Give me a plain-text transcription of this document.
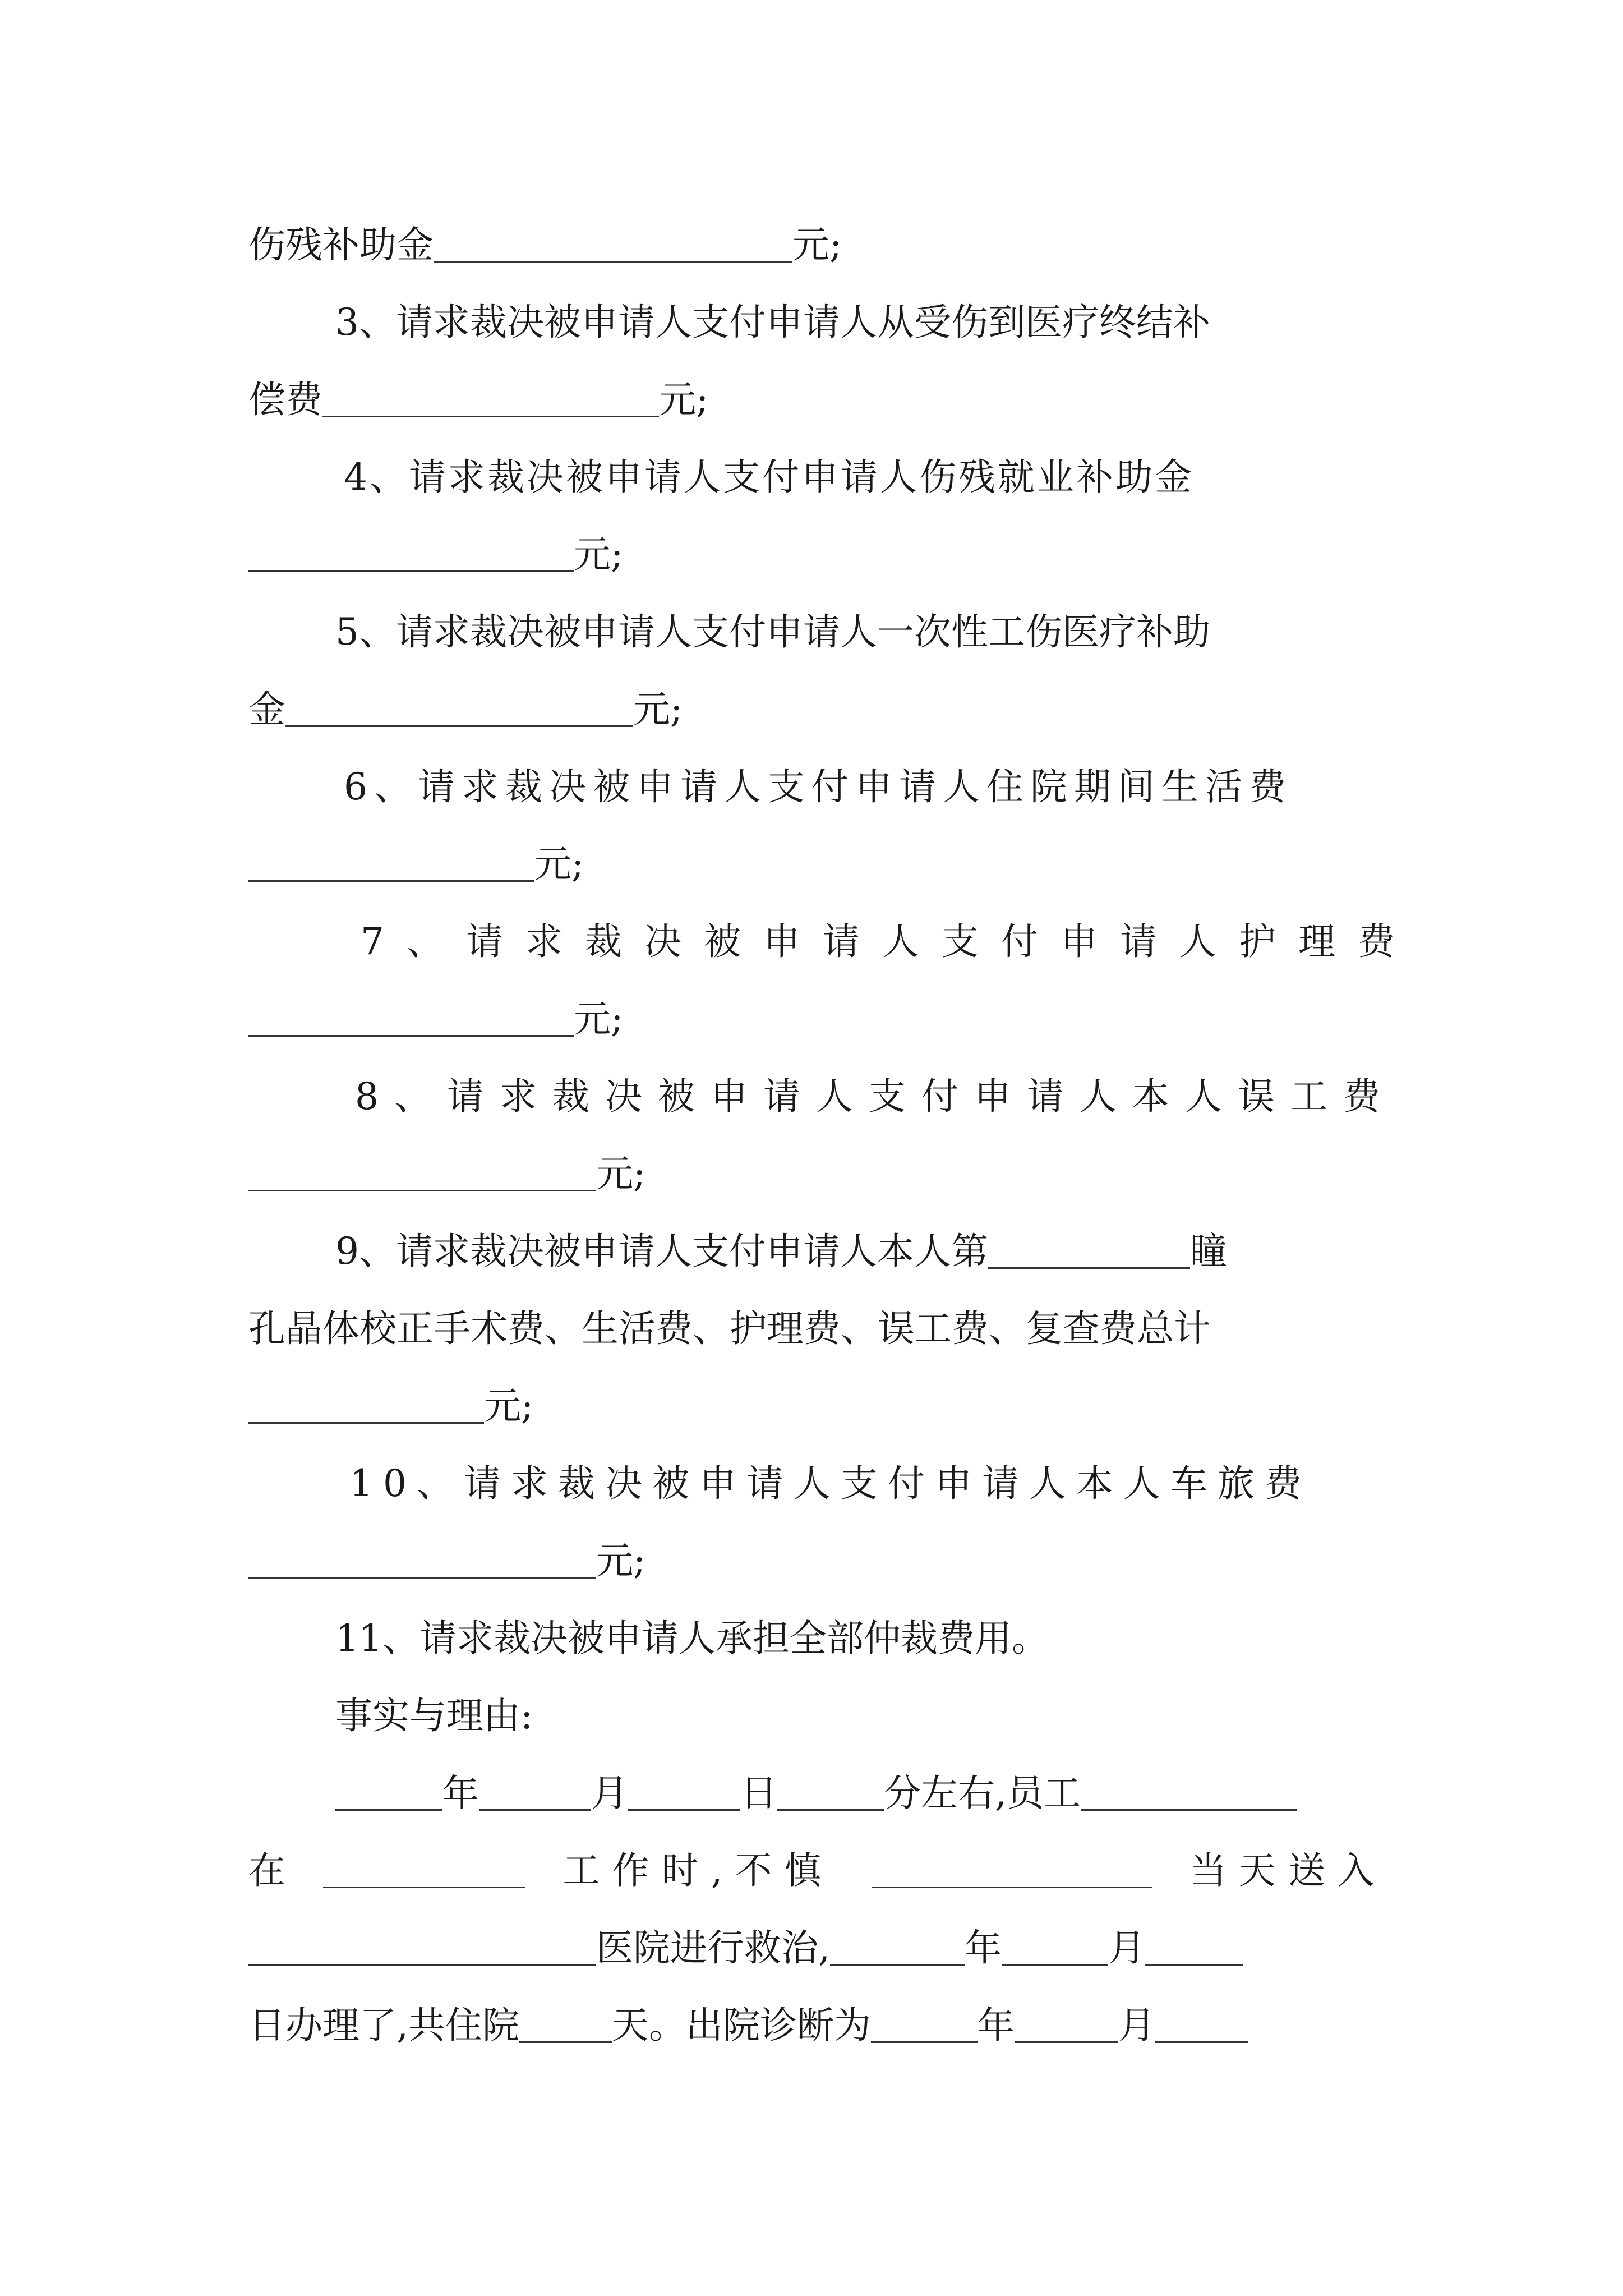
伤残补助金	元;
3、请求裁决被申请人支付申请人从受伤到医疗终结补
偿费	元;
4、请求裁决被申请人支付申请人伤残就业补助金
元;
5、请求裁决被申请人支付申请人一次性工伤医疗补助
金	元;
6、请求裁决被申请人支付申请人住院期间生活费
元;
7、请求裁决被申请人支付申请人护理费
元;
8、请求裁决被申请人支付申请人本人误工费
元;
9、请求裁决被申请人支付申请人本人第	瞳
孔晶体校正手术费、生活费、护理费、误工费、复查费总计
元;
10、请求裁决被申请人支付申请人本人车旅费
元;
11、请求裁决被申请人承担全部仲裁费用。
事实与理由:
年	月	日	分左右,员工
在	工作时,不慎	当天送入
医院进行救治,	年	月
日办理了,共住院	天。出院诊断为	年	月
